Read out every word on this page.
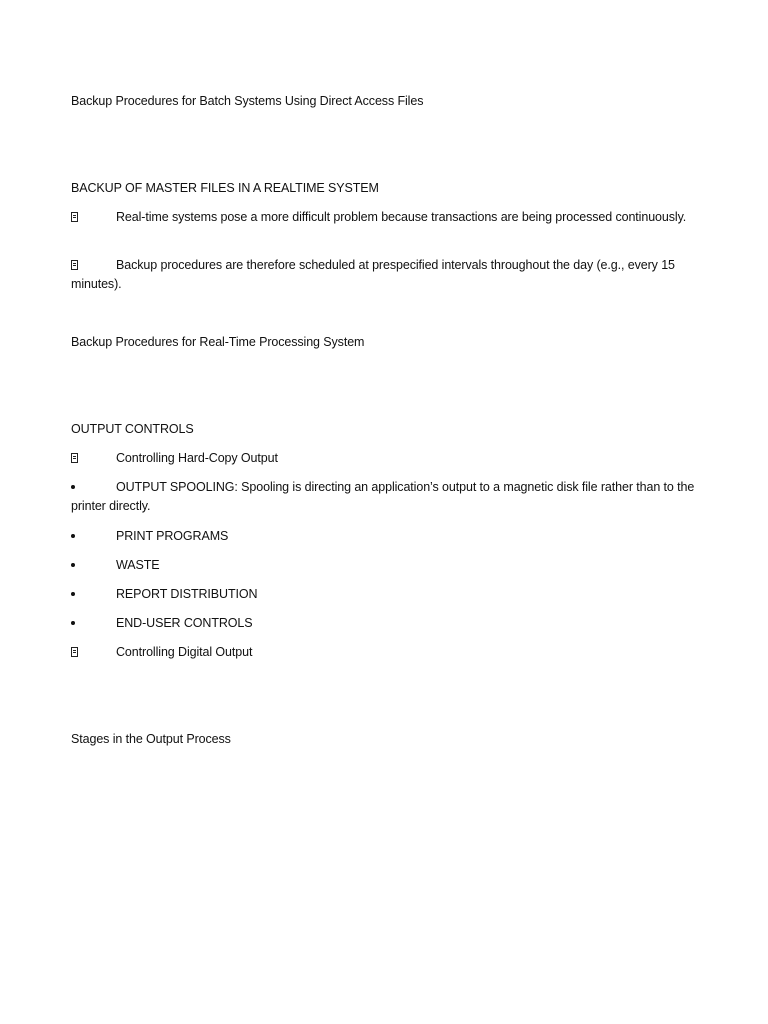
Backup Procedures for Batch Systems Using Direct Access Files
BACKUP OF MASTER FILES IN A REALTIME SYSTEM
Real-time systems pose a more difficult problem because transactions are being processed continuously.
Backup procedures are therefore scheduled at prespecified intervals throughout the day (e.g., every 15 minutes).
Backup Procedures for Real-Time Processing System
OUTPUT CONTROLS
Controlling Hard-Copy Output
OUTPUT SPOOLING: Spooling is directing an application’s output to a magnetic disk file rather than to the printer directly.
PRINT PROGRAMS
WASTE
REPORT DISTRIBUTION
END-USER CONTROLS
Controlling Digital Output
Stages in the Output Process
